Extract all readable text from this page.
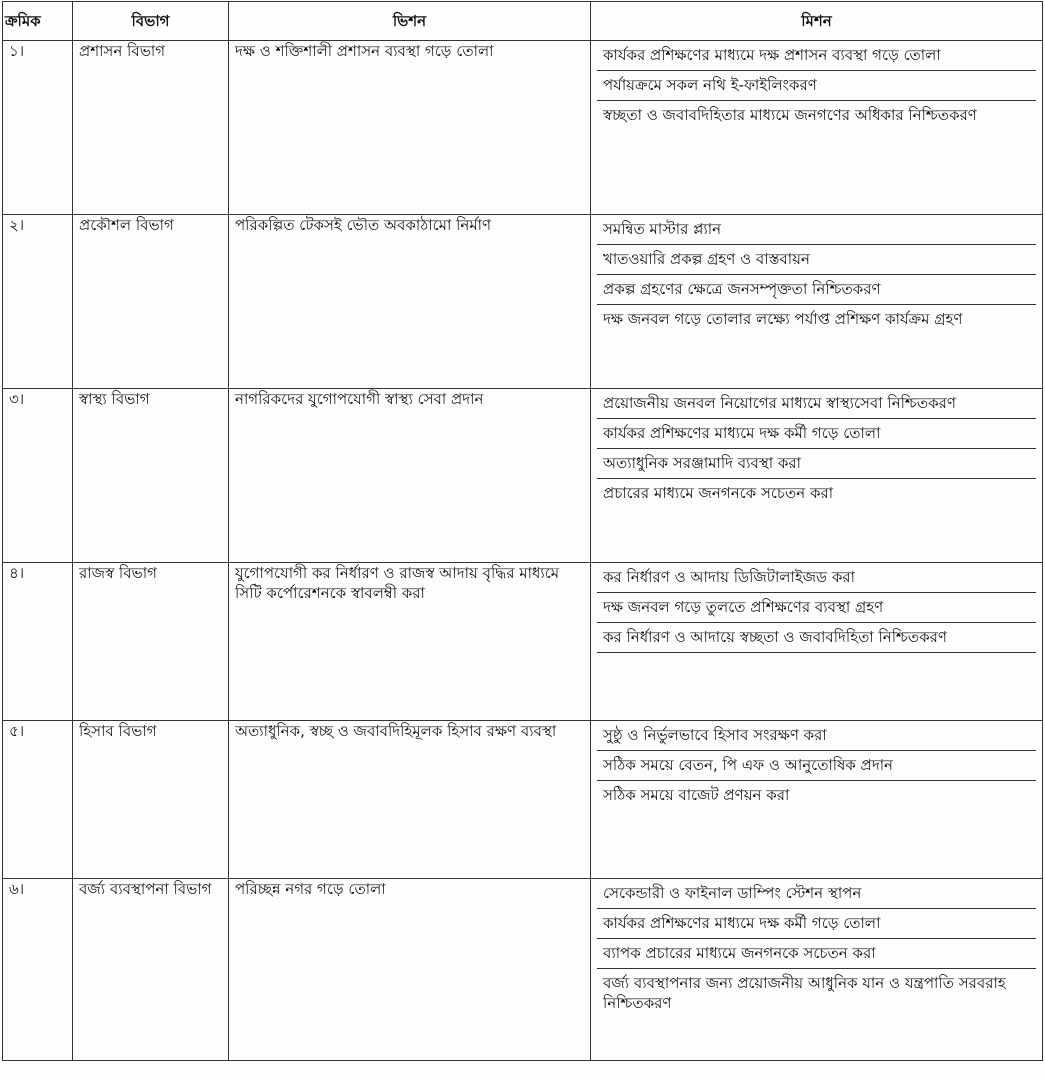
ক্রমিক	বিভাগ	ভিশন	মিশন
১।	প্রশাসন বিভাগ	দক্ষ ও শক্তিশালী প্রশাসন ব্যবস্থা গড়ে তোলা	কার্যকর প্রশিক্ষণের মাধ্যমে দক্ষ প্রশাসন ব্যবস্থা গড়ে তোলা
পর্যায়ক্রমে সকল নথি ই-ফাইলিংকরণ
স্বচ্ছতা ও জবাবদিহিতার মাধ্যমে জনগণের অধিকার নিশ্চিতকরণ

২।	প্রকৌশল বিভাগ	পরিকল্পিত টেকসই ভৌত অবকাঠামো নির্মাণ	সমন্বিত মাস্টার প্ল্যান
খাতওয়ারি প্রকল্প গ্রহণ ও বাস্তবায়ন
প্রকল্প গ্রহণের ক্ষেত্রে জনসম্পৃক্ততা নিশ্চিতকরণ
দক্ষ জনবল গড়ে তোলার লক্ষ্যে পর্যাপ্ত প্রশিক্ষণ কার্যক্রম গ্রহণ

৩।	স্বাস্থ্য বিভাগ	নাগরিকদের যুগোপযোগী স্বাস্থ্য সেবা প্রদান	প্রয়োজনীয় জনবল নিয়োগের মাধ্যমে স্বাস্থ্যসেবা নিশ্চিতকরণ
কার্যকর প্রশিক্ষণের মাধ্যমে দক্ষ কর্মী গড়ে তোলা
অত্যাধুনিক সরঞ্জামাদি ব্যবস্থা করা
প্রচারের মাধ্যমে জনগনকে সচেতন করা

৪।	রাজস্ব বিভাগ	যুগোপযোগী কর নির্ধারণ ও রাজস্ব আদায় বৃদ্ধির মাধ্যমে সিটি কর্পোরেশনকে স্বাবলম্বী করা	কর নির্ধারণ ও আদায় ডিজিটালাইজড করা
দক্ষ জনবল গড়ে তুলতে প্রশিক্ষণের ব্যবস্থা গ্রহণ
কর নির্ধারণ ও আদায়ে স্বচ্ছতা ও জবাবদিহিতা নিশ্চিতকরণ

৫।	হিসাব বিভাগ	অত্যাধুনিক, স্বচ্ছ ও জবাবদিহিমূলক হিসাব রক্ষণ ব্যবস্থা	সুষ্ঠু ও নির্ভুলভাবে হিসাব সংরক্ষণ করা
সঠিক সময়ে বেতন, পি এফ ও আনুতোষিক প্রদান
সঠিক সময়ে বাজেট প্রণয়ন করা

৬।	বর্জ্য ব্যবস্থাপনা বিভাগ	পরিচ্ছন্ন নগর গড়ে তোলা	সেকেন্ডারী ও ফাইনাল ডাম্পিং স্টেশন স্থাপন
কার্যকর প্রশিক্ষণের মাধ্যমে দক্ষ কর্মী গড়ে তোলা
ব্যাপক প্রচারের মাধ্যমে জনগনকে সচেতন করা
বর্জ্য ব্যবস্থাপনার জন্য প্রয়োজনীয় আধুনিক যান ও যন্ত্রপাতি সরবরাহ নিশ্চিতকরণ
